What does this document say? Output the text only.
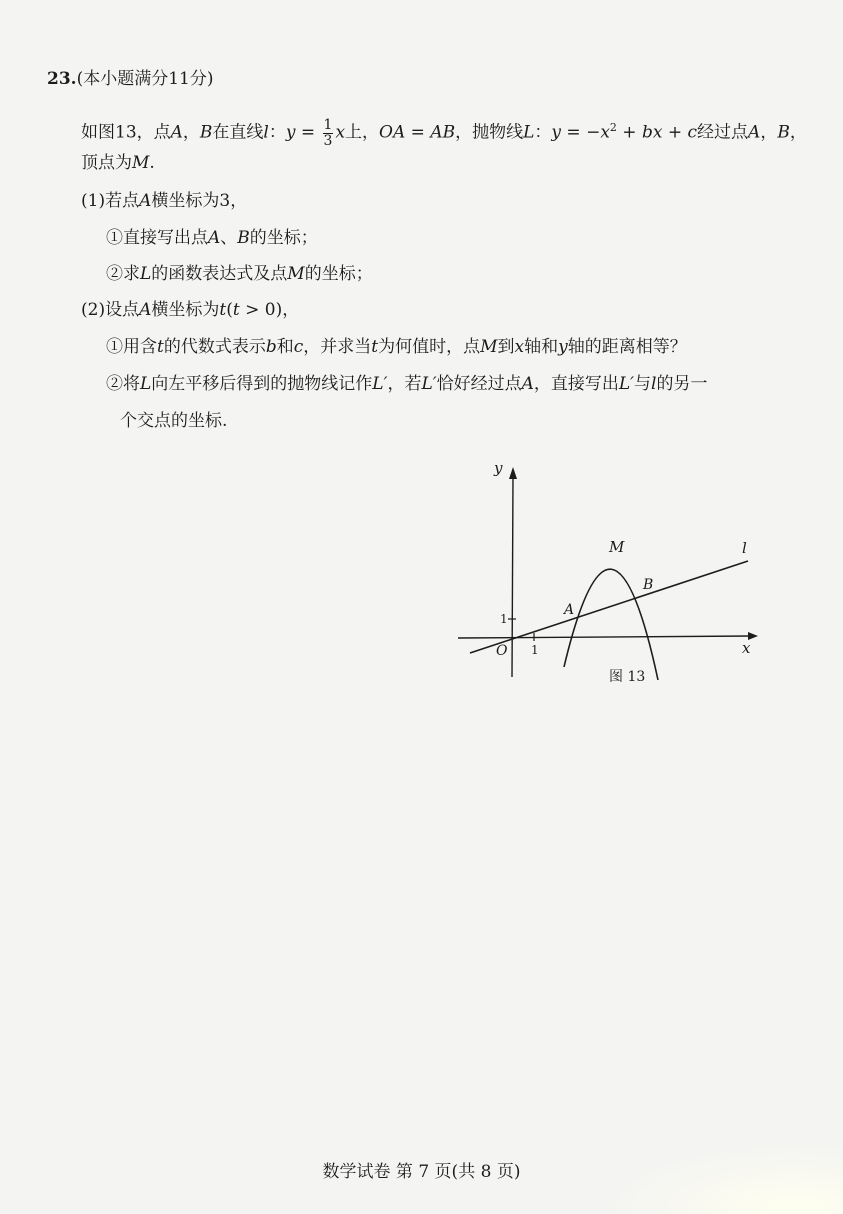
23.(本小题满分11分)
如图13，点A，B在直线l：$y = \frac{1}{3}$ x上，OA = AB，抛物线L：$y = -x^2$ + bx + c经过点A，B，
顶点为M.
(1)若点A横坐标为3，
①直接写出点A、B的坐标；
②求L的函数表达式及点M的坐标；
(2)设点A横坐标为t(t > 0)，
①用含t的代数式表示b和c，并求当t为何值时，点M到x轴和y轴的距离相等？
②将L向左平移后得到的抛物线记作L′，若L′恰好经过点A，直接写出L′与l的另一
个交点的坐标.
y
x
O 1
1
M
A
B
l
图 13
数学试卷 第 7 页(共 8 页)
